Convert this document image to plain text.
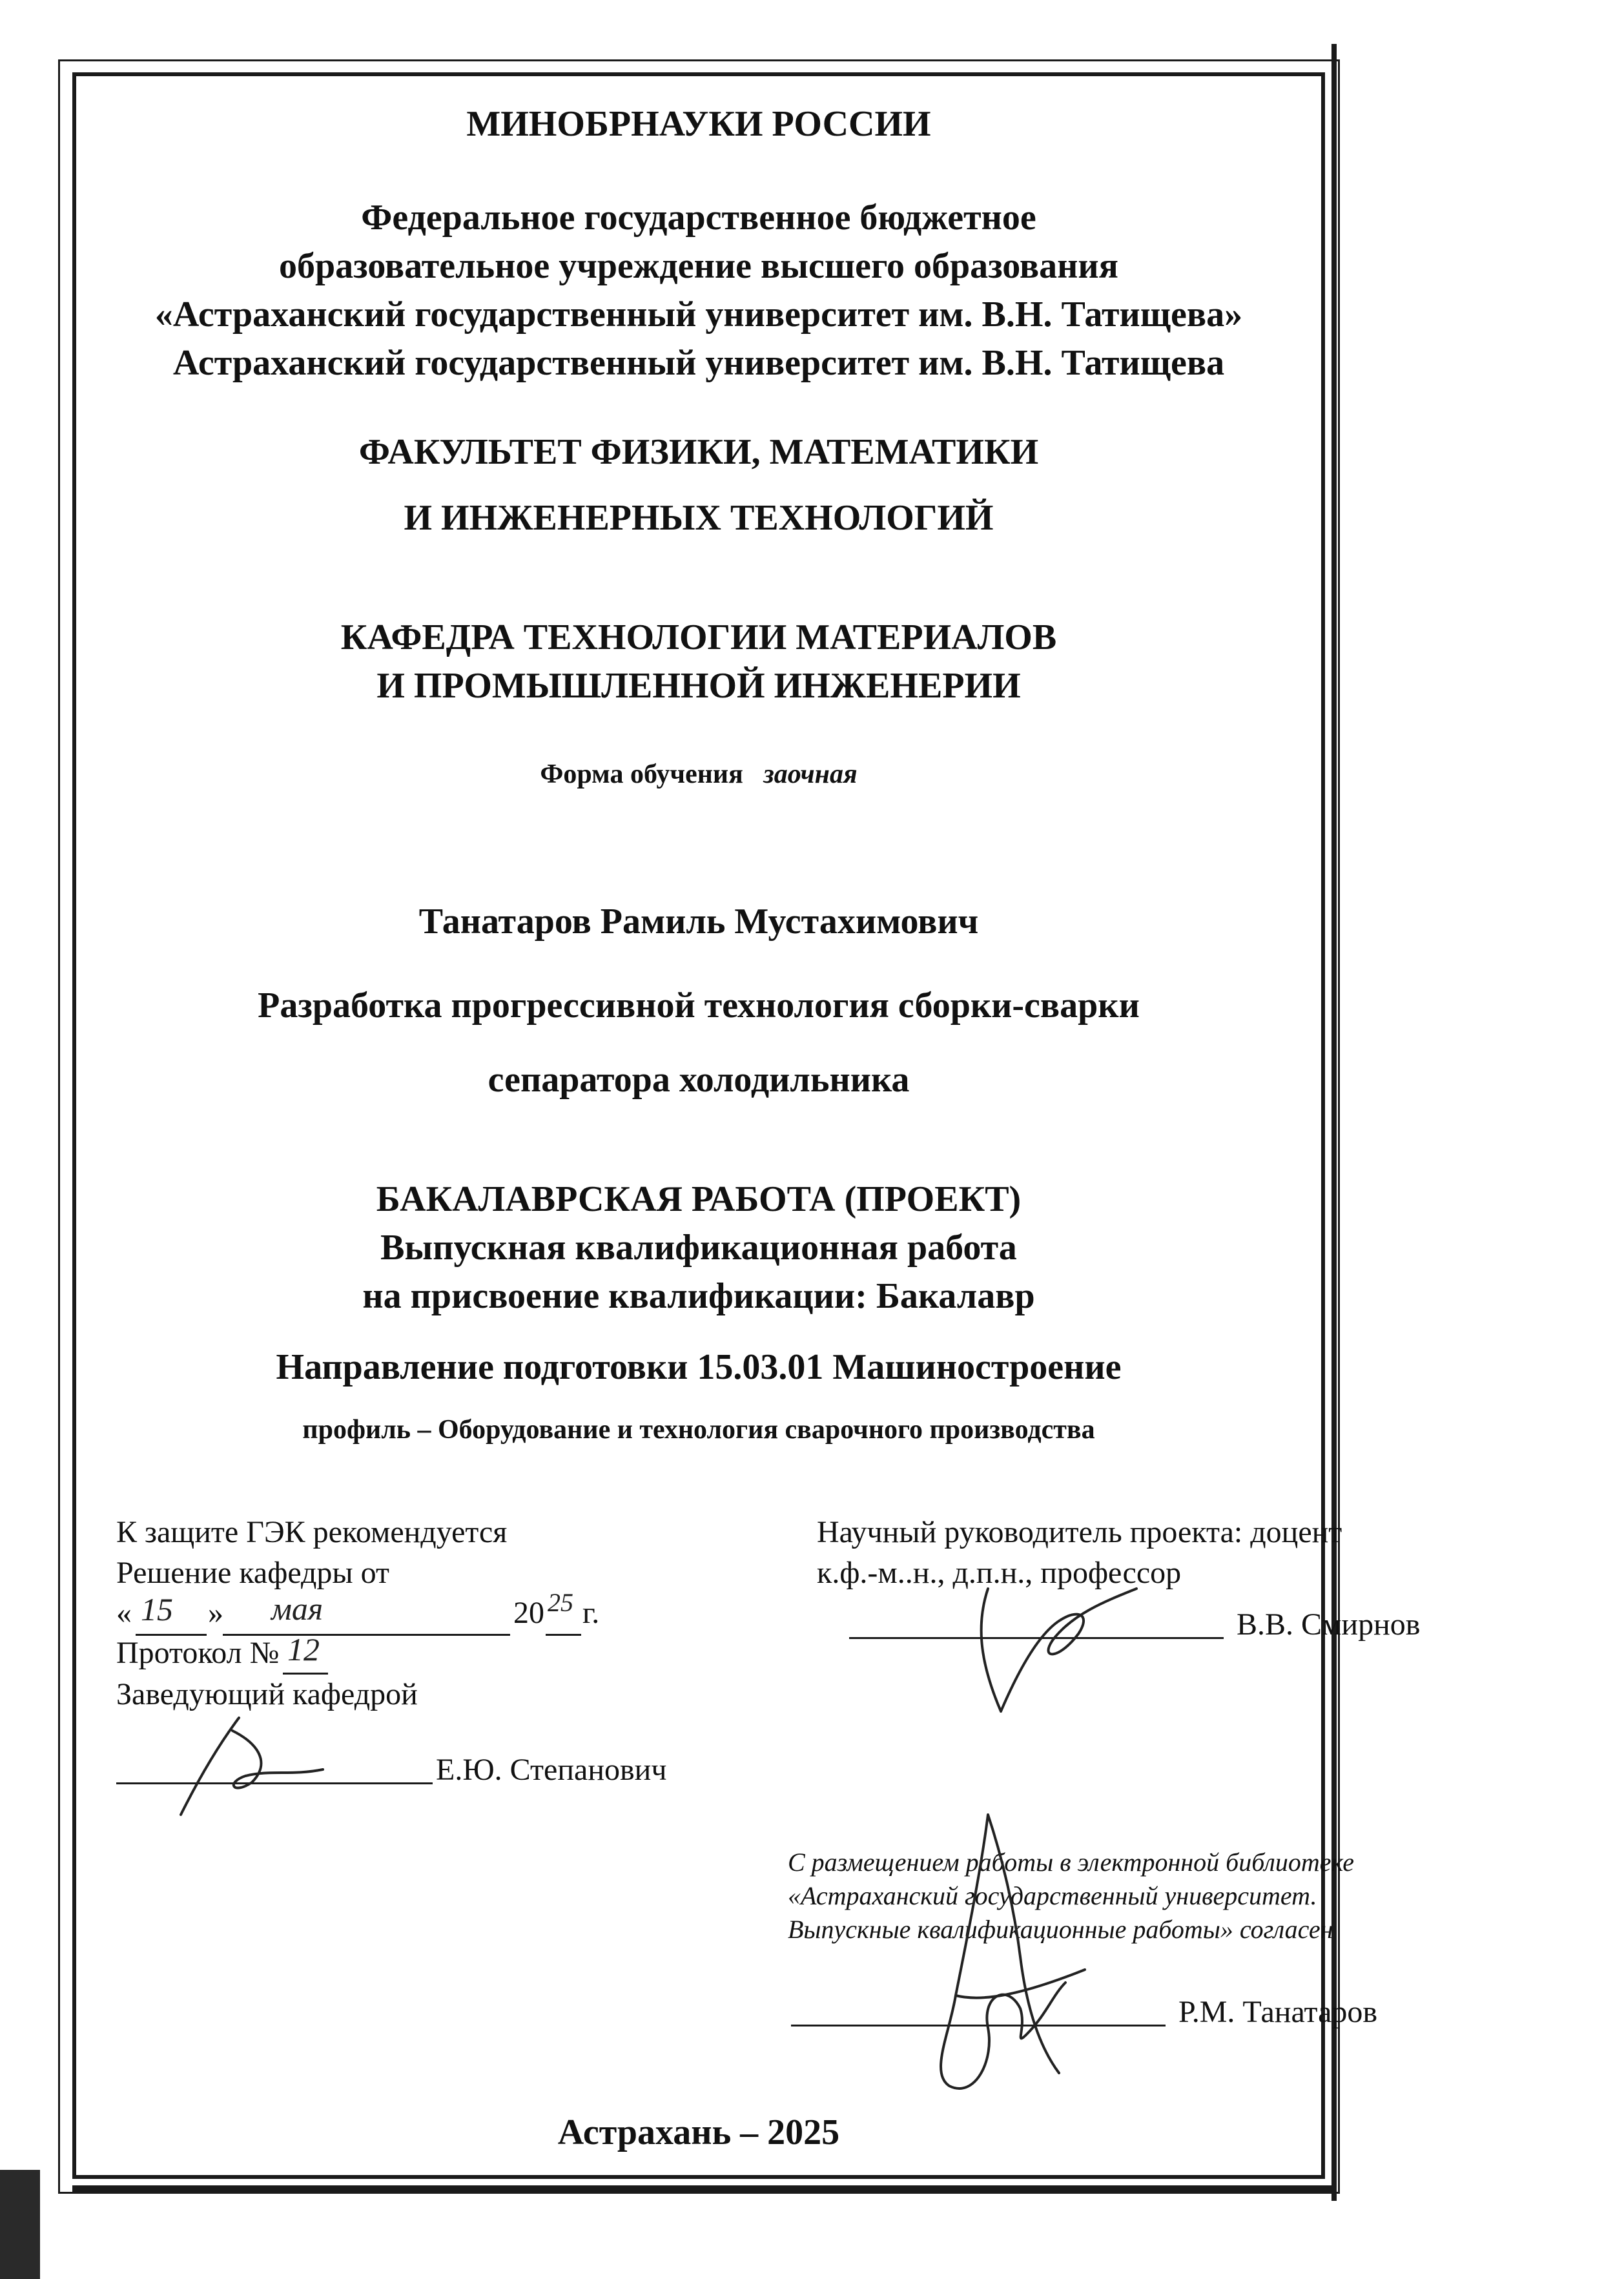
МИНОБРНАУКИ РОССИИ

Федеральное государственное бюджетное

образовательное учреждение высшего образования

«Астраханский государственный университет им. В.Н. Татищева»

Астраханский государственный университет им. В.Н. Татищева

ФАКУЛЬТЕТ ФИЗИКИ, МАТЕМАТИКИ

И ИНЖЕНЕРНЫХ ТЕХНОЛОГИЙ

КАФЕДРА ТЕХНОЛОГИИ МАТЕРИАЛОВ

И ПРОМЫШЛЕННОЙ ИНЖЕНЕРИИ

Форма обучения заочная

Танатаров Рамиль Мустахимович

Разработка прогрессивной технология сборки-сварки

сепаратора холодильника

БАКАЛАВРСКАЯ РАБОТА (ПРОЕКТ)

Выпускная квалификационная работа

на присвоение квалификации: Бакалавр

Направление подготовки 15.03.01 Машиностроение

профиль – Оборудование и технология сварочного производства

К защите ГЭК рекомендуется

Решение кафедры от

« 15 » мая	20 25 г.

Протокол № 12

Заведующий кафедрой

Е.Ю. Степанович

Научный руководитель проекта: доцент

к.ф.-м..н., д.п.н., профессор

В.В. Смирнов

С размещением работы в электронной библиотеке

«Астраханский государственный университет.

Выпускные квалификационные работы» согласен

Р.М. Танатаров

Астрахань – 2025
